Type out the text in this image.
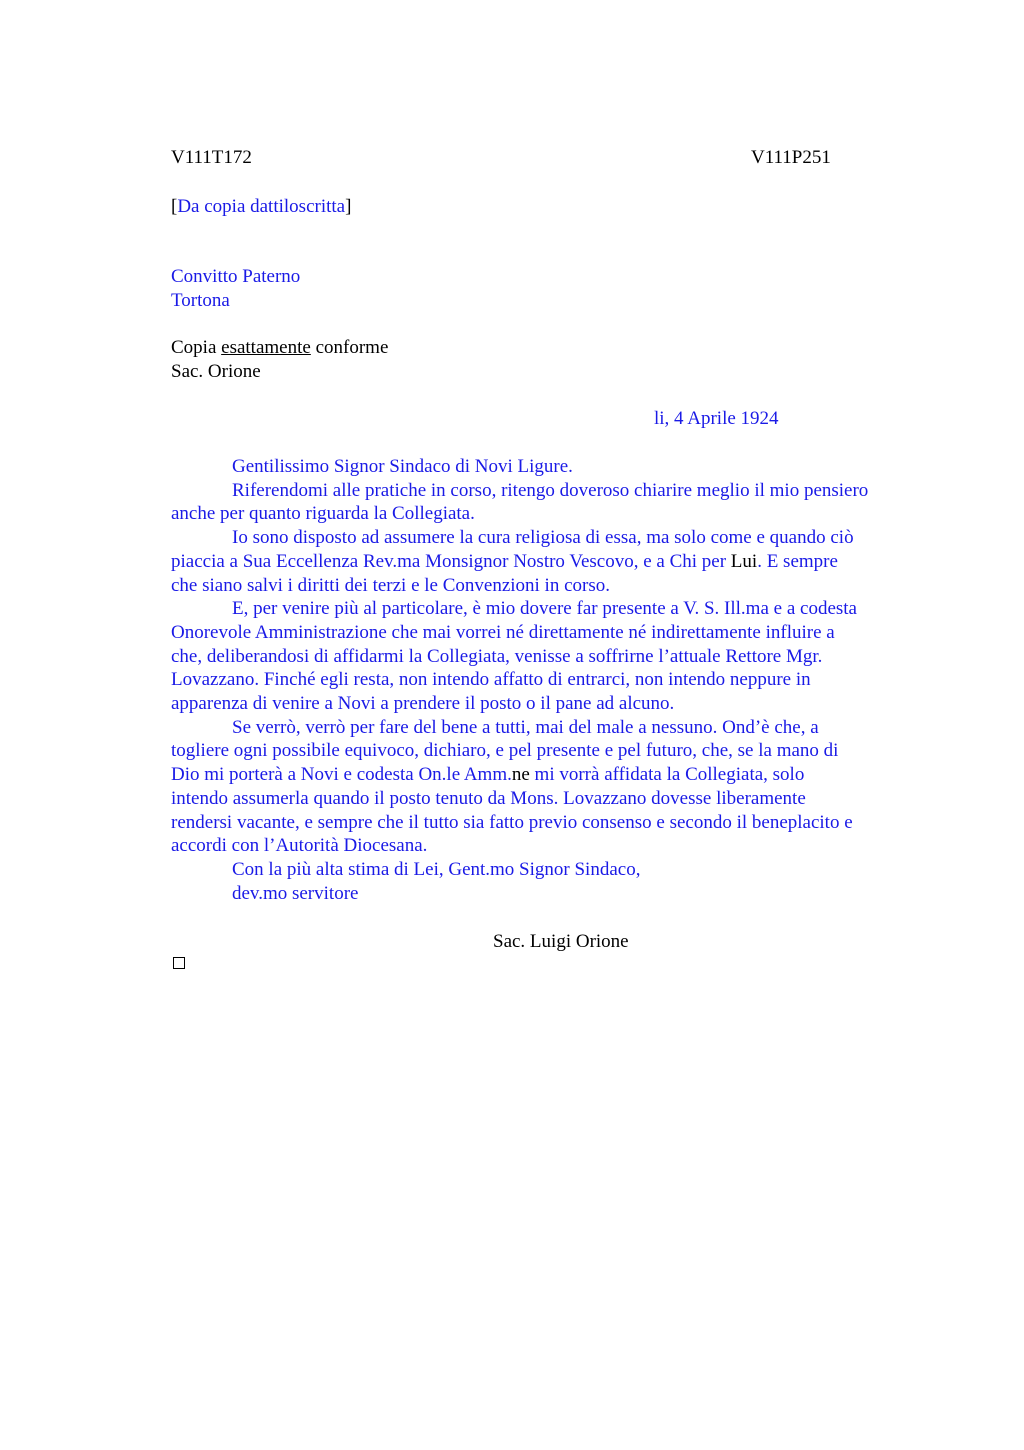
V111T172	V111P251
[Da copia dattiloscritta]
Convitto Paterno
Tortona
Copia esattamente conforme
Sac. Orione
li, 4 Aprile 1924
Gentilissimo Signor Sindaco di Novi Ligure.
Riferendomi alle pratiche in corso, ritengo doveroso chiarire meglio il mio pensiero
anche per quanto riguarda la Collegiata.
Io sono disposto ad assumere la cura religiosa di essa, ma solo come e quando ciò
piaccia a Sua Eccellenza Rev.ma Monsignor Nostro Vescovo, e a Chi per Lui. E sempre
che siano salvi i diritti dei terzi e le Convenzioni in corso.
E, per venire più al particolare, è mio dovere far presente a V. S. Ill.ma e a codesta
Onorevole Amministrazione che mai vorrei né direttamente né indirettamente influire a
che, deliberandosi di affidarmi la Collegiata, venisse a soffrirne l’attuale Rettore Mgr.
Lovazzano. Finché egli resta, non intendo affatto di entrarci, non intendo neppure in
apparenza di venire a Novi a prendere il posto o il pane ad alcuno.
Se verrò, verrò per fare del bene a tutti, mai del male a nessuno. Ond’è che, a
togliere ogni possibile equivoco, dichiaro, e pel presente e pel futuro, che, se la mano di
Dio mi porterà a Novi e codesta On.le Amm.ne mi vorrà affidata la Collegiata, solo
intendo assumerla quando il posto tenuto da Mons. Lovazzano dovesse liberamente
rendersi vacante, e sempre che il tutto sia fatto previo consenso e secondo il beneplacito e
accordi con l’Autorità Diocesana.
Con la più alta stima di Lei, Gent.mo Signor Sindaco,
dev.mo servitore
Sac. Luigi Orione
